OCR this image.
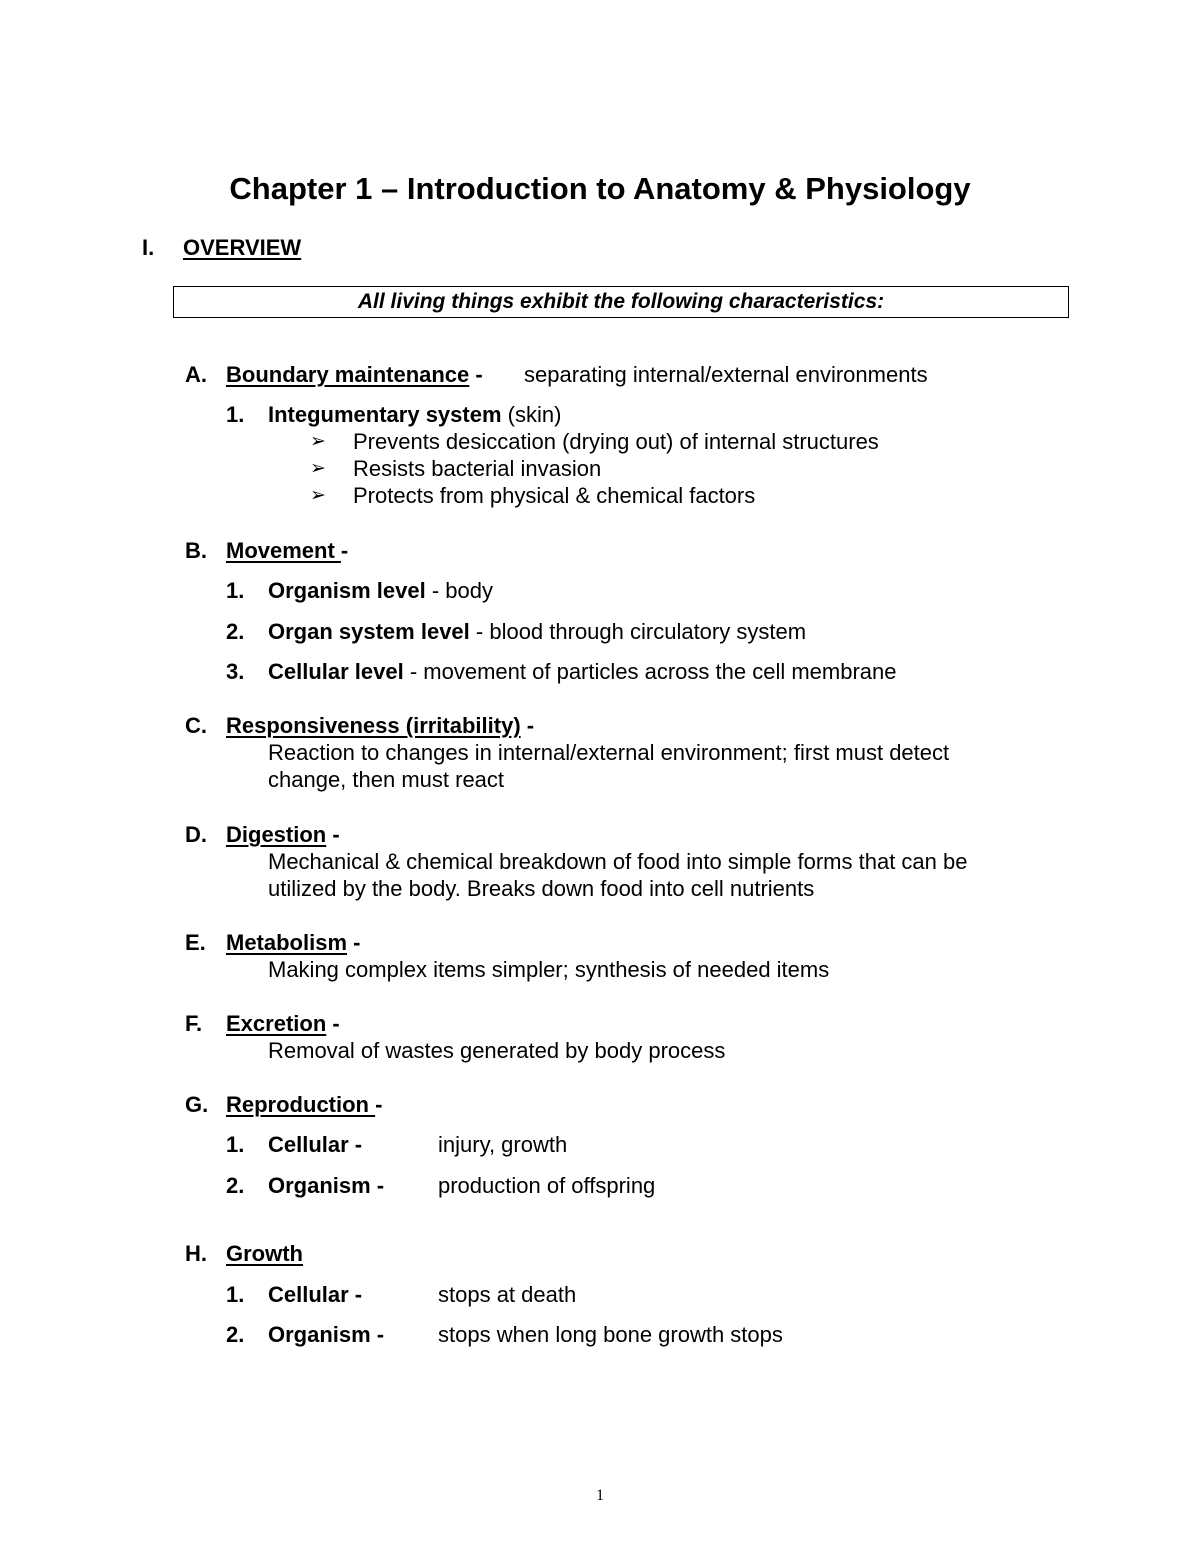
Chapter 1 – Introduction to Anatomy & Physiology
I. OVERVIEW
All living things exhibit the following characteristics:
A. Boundary maintenance - separating internal/external environments
1. Integumentary system (skin)
➢ Prevents desiccation (drying out) of internal structures
➢ Resists bacterial invasion
➢ Protects from physical & chemical factors
B. Movement -
1. Organism level - body
2. Organ system level - blood through circulatory system
3. Cellular level - movement of particles across the cell membrane
C. Responsiveness (irritability) -
Reaction to changes in internal/external environment; first must detect
change, then must react
D. Digestion -
Mechanical & chemical breakdown of food into simple forms that can be
utilized by the body. Breaks down food into cell nutrients
E. Metabolism -
Making complex items simpler; synthesis of needed items
F. Excretion -
Removal of wastes generated by body process
G. Reproduction -
1. Cellular -	injury, growth
2. Organism - production of offspring
H. Growth
1. Cellular -	stops at death
2. Organism - stops when long bone growth stops
1
